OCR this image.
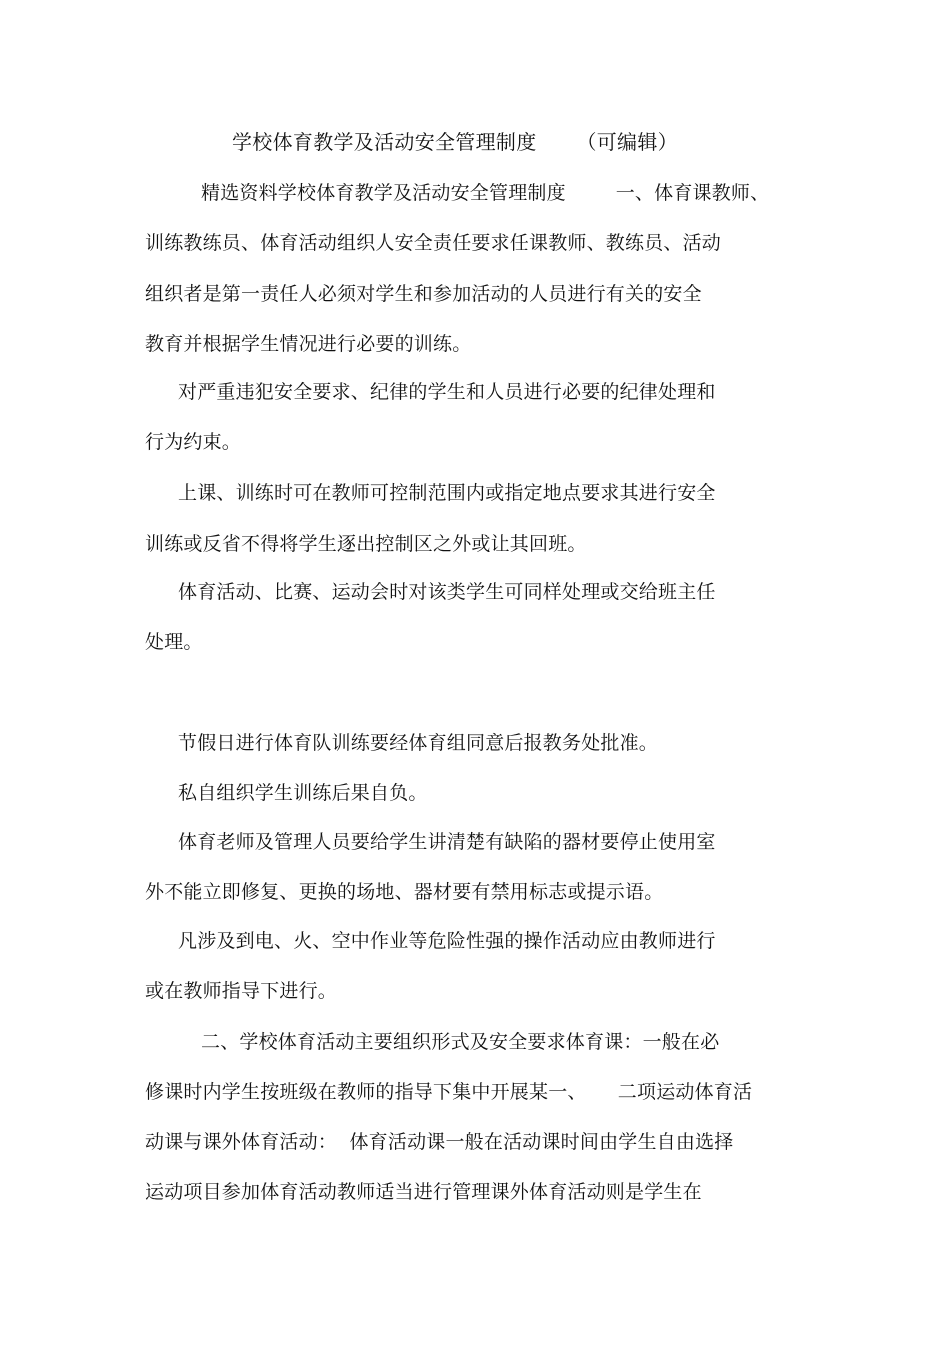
学校体育教学及活动安全管理制度      （可编辑）
精选资料学校体育教学及活动安全管理制度        一、体育课教师、
训练教练员、体育活动组织人安全责任要求任课教师、教练员、活动
组织者是第一责任人必须对学生和参加活动的人员进行有关的安全
教育并根据学生情况进行必要的训练。
对严重违犯安全要求、纪律的学生和人员进行必要的纪律处理和
行为约束。
上课、训练时可在教师可控制范围内或指定地点要求其进行安全
训练或反省不得将学生逐出控制区之外或让其回班。
体育活动、比赛、运动会时对该类学生可同样处理或交给班主任
处理。
节假日进行体育队训练要经体育组同意后报教务处批准。
私自组织学生训练后果自负。
体育老师及管理人员要给学生讲清楚有缺陷的器材要停止使用室
外不能立即修复、更换的场地、器材要有禁用标志或提示语。
凡涉及到电、火、空中作业等危险性强的操作活动应由教师进行
或在教师指导下进行。
二、学校体育活动主要组织形式及安全要求体育课：一般在必
修课时内学生按班级在教师的指导下集中开展某一、     二项运动体育活
动课与课外体育活动：  体育活动课一般在活动课时间由学生自由选择
运动项目参加体育活动教师适当进行管理课外体育活动则是学生在
